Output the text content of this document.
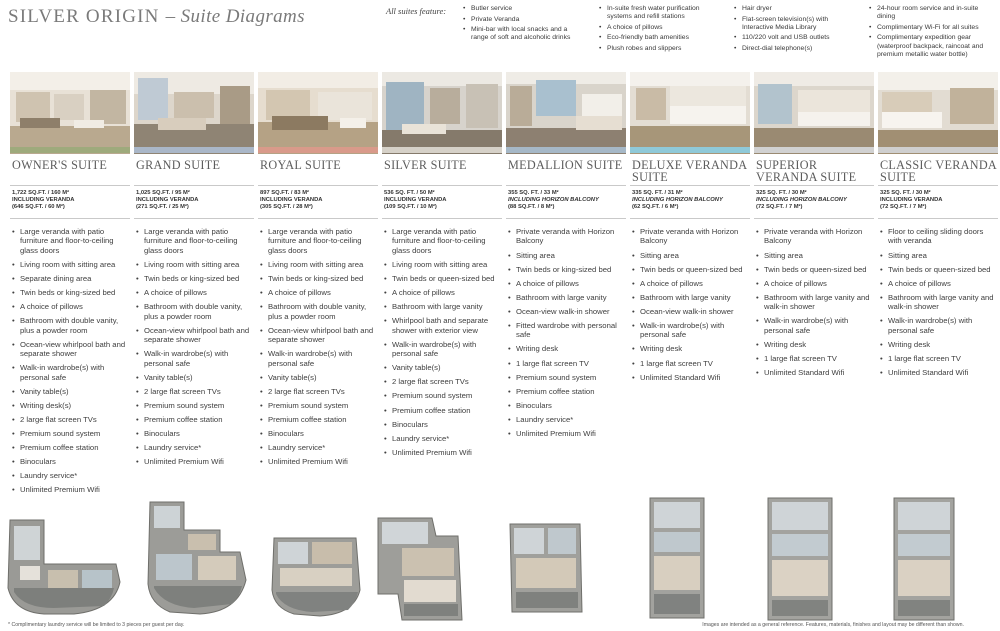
SILVER ORIGIN – Suite Diagrams	All suites feature:
•	Butler service
• Private Veranda
• Mini-bar with local snacks and a range of soft and alcoholic drinks
• In-suite fresh water purification systems and refill stations
• A choice of pillows
• Eco-friendly bath amenities
• Plush robes and slippers
• Hair dryer
• Flat-screen television(s) with Interactive Media Library
• 110/220 volt and USB outlets
• Direct-dial telephone(s)
• 24-hour room service and in-suite dining
• Complimentary Wi-Fi for all suites
• Complimentary expedition gear (waterproof backpack, raincoat and premium metallic water bottle)
OWNER'S SUITE
1,722 SQ.FT. / 160 M²
INCLUDING VERANDA
(646 SQ.FT. / 60 M²)
• Large veranda with patio furniture and floor-to-ceiling glass doors
• Living room with sitting area
• Separate dining area
• Twin beds or king-sized bed
• A choice of pillows
• Bathroom with double vanity, plus a powder room
• Ocean-view whirlpool bath and separate shower
• Walk-in wardrobe(s) with personal safe
• Vanity table(s)
• Writing desk(s)
• 2 large flat screen TVs
• Premium sound system
• Premium coffee station
• Binoculars
• Laundry service*
• Unlimited Premium Wifi
GRAND SUITE
1,025 SQ.FT. / 95 M²
INCLUDING VERANDA
(271 SQ.FT. / 25 M²)
• Large veranda with patio furniture and floor-to-ceiling glass doors
• Living room with sitting area
• Twin beds or king-sized bed
• A choice of pillows
• Bathroom with double vanity, plus a powder room
• Ocean-view whirlpool bath and separate shower
• Walk-in wardrobe(s) with personal safe
• Vanity table(s)
• 2 large flat screen TVs
• Premium sound system
• Premium coffee station
• Binoculars
• Laundry service*
• Unlimited Premium Wifi
ROYAL SUITE
897 SQ.FT. / 83 M²
INCLUDING VERANDA
(305 SQ.FT. / 28 M²)
• Large veranda with patio furniture and floor-to-ceiling glass doors
• Living room with sitting area
• Twin beds or king-sized bed
• A choice of pillows
• Bathroom with double vanity, plus a powder room
• Ocean-view whirlpool bath and separate shower
• Walk-in wardrobe(s) with personal safe
• Vanity table(s)
• 2 large flat screen TVs
• Premium sound system
• Premium coffee station
• Binoculars
• Laundry service*
• Unlimited Premium Wifi
SILVER SUITE
536 SQ. FT. / 50 M²
INCLUDING VERANDA
(109 SQ.FT. / 10 M²)
• Large veranda with patio furniture and floor-to-ceiling glass doors
• Living room with sitting area
• Twin beds or queen-sized bed
• A choice of pillows
• Bathroom with large vanity
• Whirlpool bath and separate shower with exterior view
• Walk-in wardrobe(s) with personal safe
• Vanity table(s)
• 2 large flat screen TVs
• Premium sound system
• Premium coffee station
• Binoculars
• Laundry service*
• Unlimited Premium Wifi
MEDALLION SUITE
355 SQ. FT. / 33 M²
INCLUDING HORIZON BALCONY
(88 SQ.FT. / 8 M²)
• Private veranda with Horizon Balcony
• Sitting area
• Twin beds or king-sized bed
• A choice of pillows
• Bathroom with large vanity
• Ocean-view walk-in shower
• Fitted wardrobe with personal safe
• Writing desk
• 1 large flat screen TV
• Premium sound system
• Premium coffee station
• Binoculars
• Laundry service*
• Unlimited Premium Wifi
DELUXE VERANDA SUITE
335 SQ. FT. / 31 M²
INCLUDING HORIZON BALCONY
(62 SQ.FT. / 6 M²)
• Private veranda with Horizon Balcony
• Sitting area
• Twin beds or queen-sized bed
• A choice of pillows
• Bathroom with large vanity
• Ocean-view walk-in shower
• Walk-in wardrobe(s) with personal safe
• Writing desk
• 1 large flat screen TV
• Unlimited Standard Wifi
SUPERIOR VERANDA SUITE
325 SQ. FT. / 30 M²
INCLUDING HORIZON BALCONY
(72 SQ.FT. / 7 M²)
• Private veranda with Horizon Balcony
• Sitting area
• Twin beds or queen-sized bed
• A choice of pillows
• Bathroom with large vanity and walk-in shower
• Walk-in wardrobe(s) with personal safe
• Writing desk
• 1 large flat screen TV
• Unlimited Standard Wifi
CLASSIC VERANDA SUITE
325 SQ. FT. / 30 M²
INCLUDING VERANDA
(72 SQ.FT. / 7 M²)
• Floor to ceiling sliding doors with veranda
• Sitting area
• Twin beds or queen-sized bed
• A choice of pillows
• Bathroom with large vanity and walk-in shower
• Walk-in wardrobe(s) with personal safe
• Writing desk
• 1 large flat screen TV
• Unlimited Standard Wifi
* Complimentary laundry service will be limited to 3 pieces per guest per day.	Images are intended as a general reference. Features, materials, finishes and layout may be different than shown.
